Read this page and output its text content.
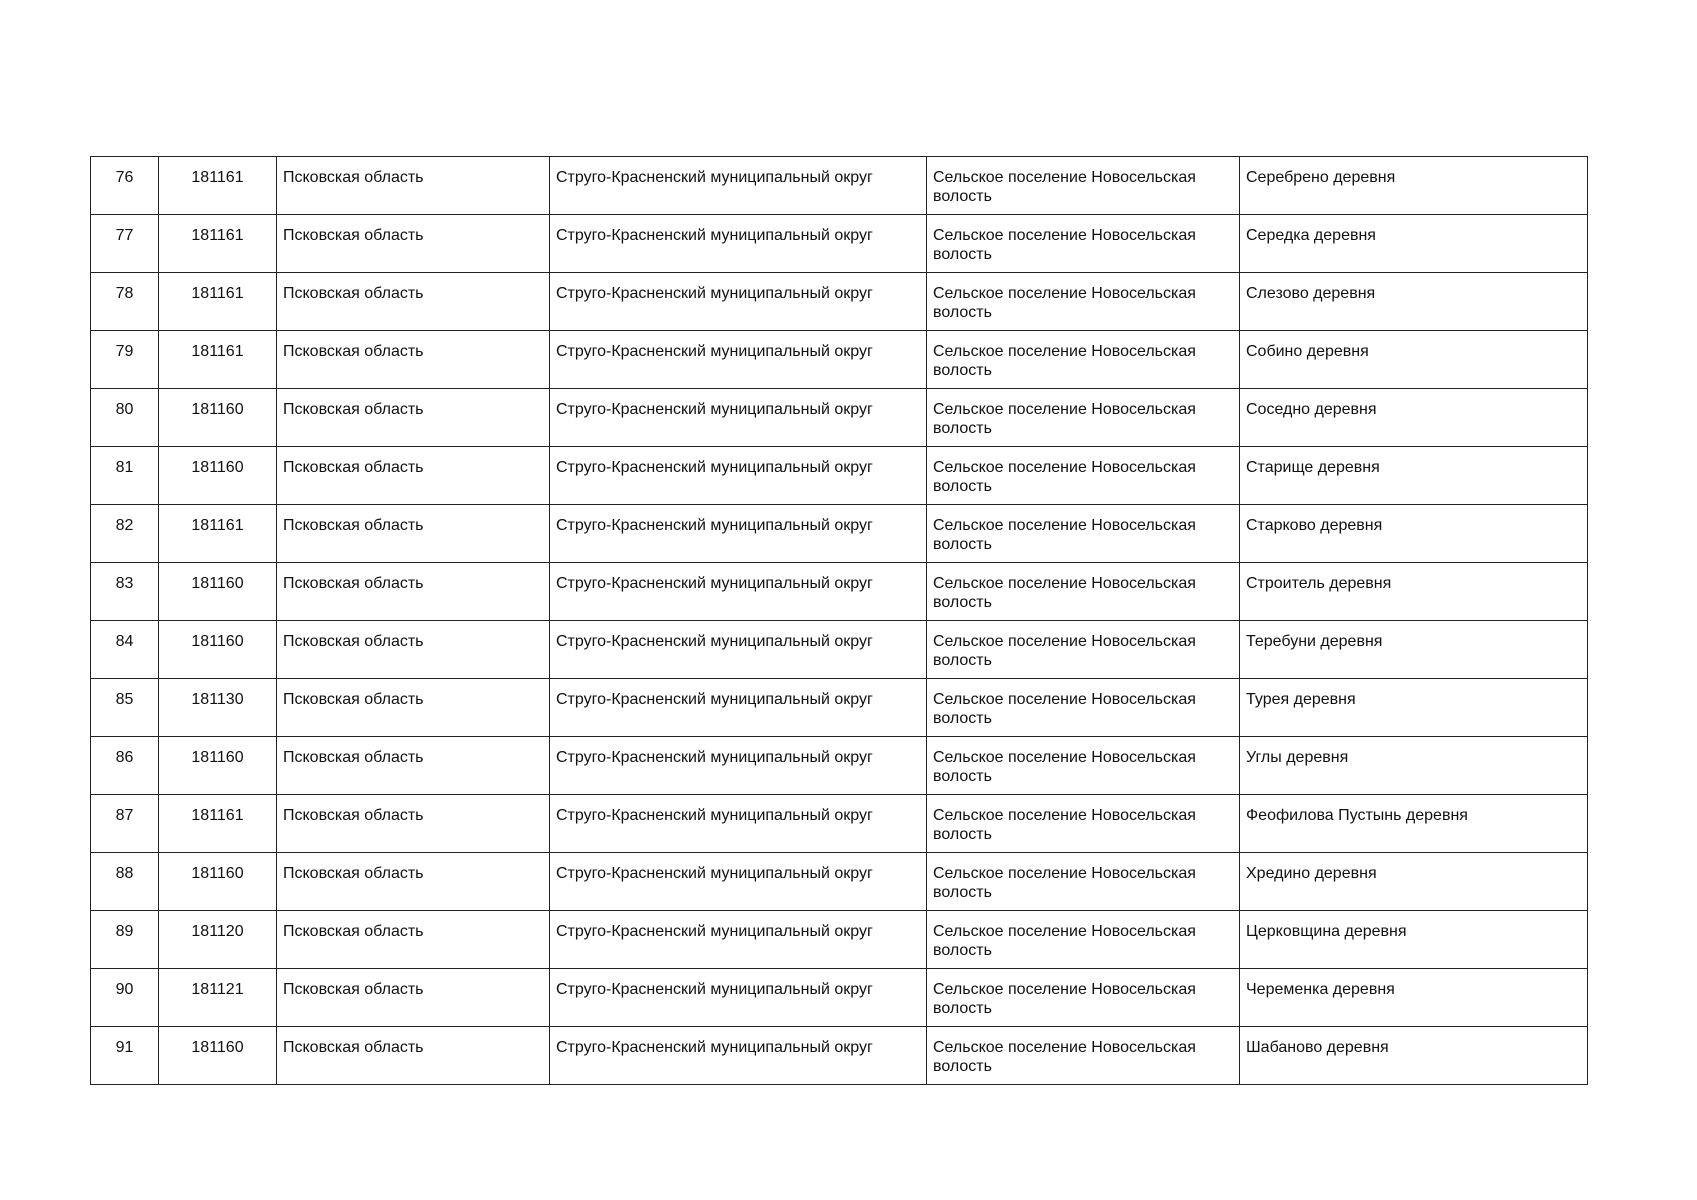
76	181161	Псковская область	Струго-Красненский муниципальный округ	Сельское поселение Новосельская волость	Серебрено деревня
77	181161	Псковская область	Струго-Красненский муниципальный округ	Сельское поселение Новосельская волость	Середка деревня
78	181161	Псковская область	Струго-Красненский муниципальный округ	Сельское поселение Новосельская волость	Слезово деревня
79	181161	Псковская область	Струго-Красненский муниципальный округ	Сельское поселение Новосельская волость	Собино деревня
80	181160	Псковская область	Струго-Красненский муниципальный округ	Сельское поселение Новосельская волость	Соседно деревня
81	181160	Псковская область	Струго-Красненский муниципальный округ	Сельское поселение Новосельская волость	Старище деревня
82	181161	Псковская область	Струго-Красненский муниципальный округ	Сельское поселение Новосельская волость	Старково деревня
83	181160	Псковская область	Струго-Красненский муниципальный округ	Сельское поселение Новосельская волость	Строитель деревня
84	181160	Псковская область	Струго-Красненский муниципальный округ	Сельское поселение Новосельская волость	Теребуни деревня
85	181130	Псковская область	Струго-Красненский муниципальный округ	Сельское поселение Новосельская волость	Турея деревня
86	181160	Псковская область	Струго-Красненский муниципальный округ	Сельское поселение Новосельская волость	Углы деревня
87	181161	Псковская область	Струго-Красненский муниципальный округ	Сельское поселение Новосельская волость	Феофилова Пустынь деревня
88	181160	Псковская область	Струго-Красненский муниципальный округ	Сельское поселение Новосельская волость	Хредино деревня
89	181120	Псковская область	Струго-Красненский муниципальный округ	Сельское поселение Новосельская волость	Церковщина деревня
90	181121	Псковская область	Струго-Красненский муниципальный округ	Сельское поселение Новосельская волость	Череменка деревня
91	181160	Псковская область	Струго-Красненский муниципальный округ	Сельское поселение Новосельская волость	Шабаново деревня
